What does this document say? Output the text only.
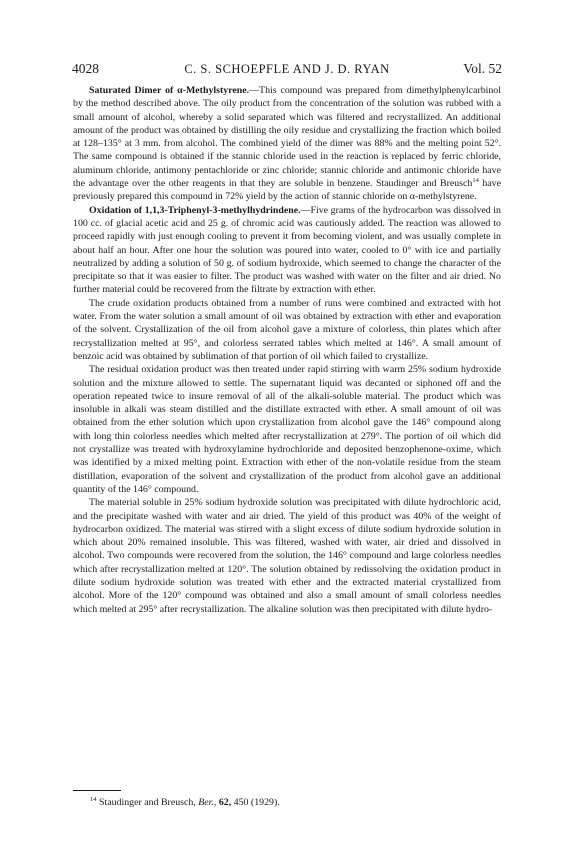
4028	C. S. SCHOEPFLE AND J. D. RYAN	Vol. 52

Saturated Dimer of α-Methylstyrene.—This compound was prepared from dimethylphenylcarbinol by the method described above. The oily product from the concentration of the solution was rubbed with a small amount of alcohol, whereby a solid separated which was filtered and recrystallized. An additional amount of the product was obtained by distilling the oily residue and crystallizing the fraction which boiled at 128–135° at 3 mm. from alcohol. The combined yield of the dimer was 88% and the melting point 52°. The same compound is obtained if the stannic chloride used in the reaction is replaced by ferric chloride, aluminum chloride, antimony pentachloride or zinc chloride; stannic chloride and antimonic chloride have the advantage over the other reagents in that they are soluble in benzene. Staudinger and Breusch$^{14}$ have previously prepared this compound in 72% yield by the action of stannic chloride on α-methylstyrene.

Oxidation of 1,1,3-Triphenyl-3-methylhydrindene.—Five grams of the hydrocarbon was dissolved in 100 cc. of glacial acetic acid and 25 g. of chromic acid was cautiously added. The reaction was allowed to proceed rapidly with just enough cooling to prevent it from becoming violent, and was usually complete in about half an hour. After one hour the solution was poured into water, cooled to 0° with ice and partially neutralized by adding a solution of 50 g. of sodium hydroxide, which seemed to change the character of the precipitate so that it was easier to filter. The product was washed with water on the filter and air dried. No further material could be recovered from the filtrate by extraction with ether.

The crude oxidation products obtained from a number of runs were combined and extracted with hot water. From the water solution a small amount of oil was obtained by extraction with ether and evaporation of the solvent. Crystallization of the oil from alcohol gave a mixture of colorless, thin plates which after recrystallization melted at 95°, and colorless serrated tables which melted at 146°. A small amount of benzoic acid was obtained by sublimation of that portion of oil which failed to crystallize.

The residual oxidation product was then treated under rapid stirring with warm 25% sodium hydroxide solution and the mixture allowed to settle. The supernatant liquid was decanted or siphoned off and the operation repeated twice to insure removal of all of the alkali-soluble material. The product which was insoluble in alkali was steam distilled and the distillate extracted with ether. A small amount of oil was obtained from the ether solution which upon crystallization from alcohol gave the 146° compound along with long thin colorless needles which melted after recrystallization at 279°. The portion of oil which did not crystallize was treated with hydroxylamine hydrochloride and deposited benzophenone-oxime, which was identified by a mixed melting point. Extraction with ether of the non-volatile residue from the steam distillation, evaporation of the solvent and crystallization of the product from alcohol gave an additional quantity of the 146° compound.

The material soluble in 25% sodium hydroxide solution was precipitated with dilute hydrochloric acid, and the precipitate washed with water and air dried. The yield of this product was 40% of the weight of hydrocarbon oxidized. The material was stirred with a slight excess of dilute sodium hydroxide solution in which about 20% remained insoluble. This was filtered, washed with water, air dried and dissolved in alcohol. Two compounds were recovered from the solution, the 146° compound and large colorless needles which after recrystallization melted at 120°. The solution obtained by redissolving the oxidation product in dilute sodium hydroxide solution was treated with ether and the extracted material crystallized from alcohol. More of the 120° compound was obtained and also a small amount of small colorless needles which melted at 295° after recrystallization. The alkaline solution was then precipitated with dilute hydro-

$^{14}$ Staudinger and Breusch, Ber., 62, 450 (1929).
